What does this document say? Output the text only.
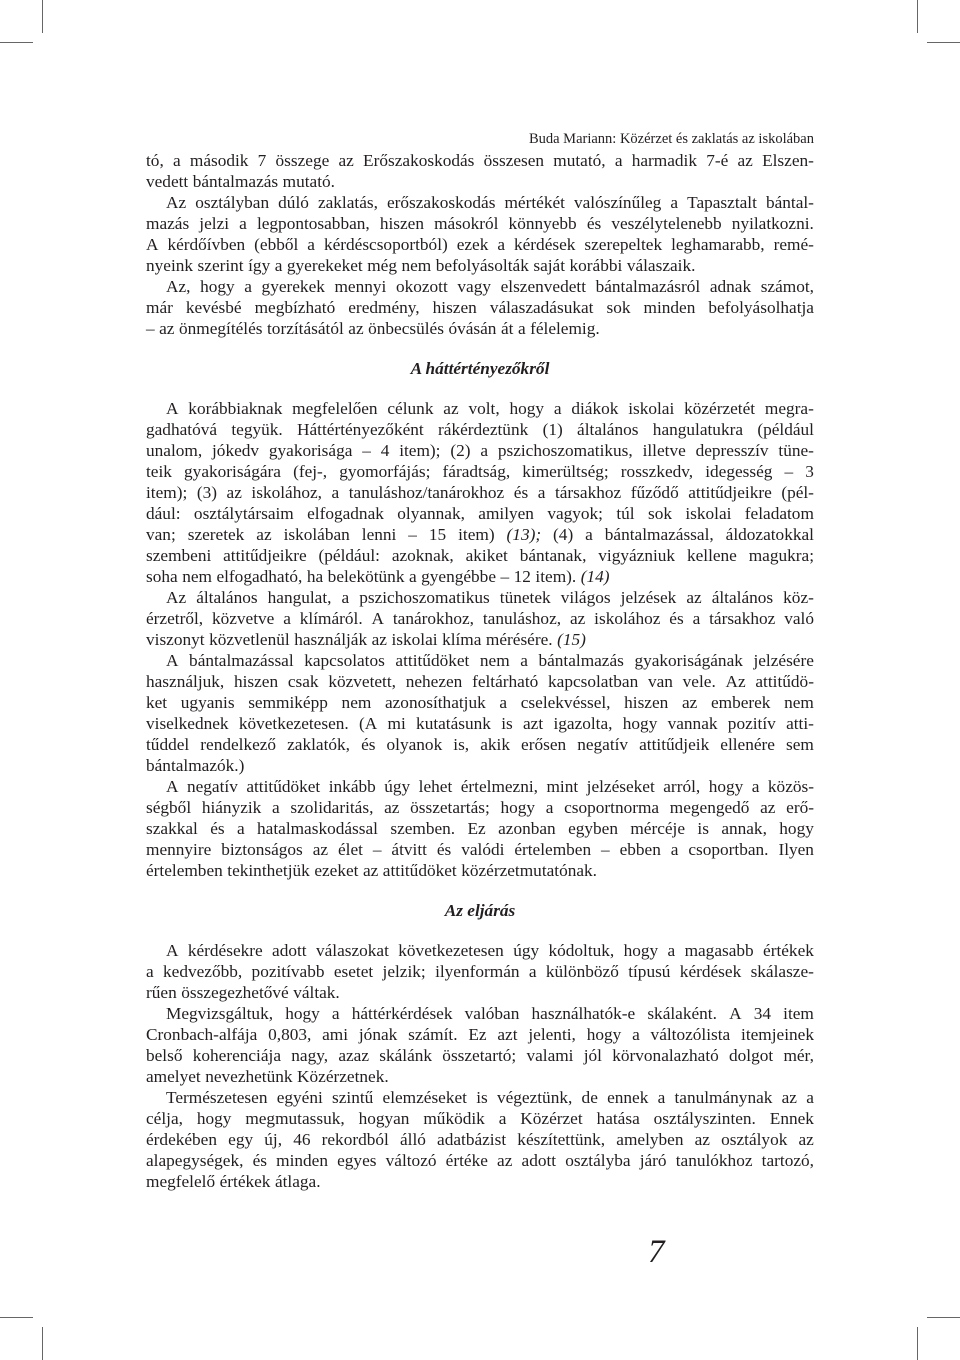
Buda Mariann: Közérzet és zaklatás az iskolában
tó, a második 7 összege az Erőszakoskodás összesen mutató, a harmadik 7-é az Elszen-
vedett bántalmazás mutató.
Az osztályban dúló zaklatás, erőszakoskodás mértékét valószínűleg a Tapasztalt bántal-
mazás jelzi a legpontosabban, hiszen másokról könnyebb és veszélytelenebb nyilatkozni.
A kérdőívben (ebből a kérdéscsoportból) ezek a kérdések szerepeltek leghamarabb, remé-
nyeink szerint így a gyerekeket még nem befolyásolták saját korábbi válaszaik.
Az, hogy a gyerekek mennyi okozott vagy elszenvedett bántalmazásról adnak számot,
már kevésbé megbízható eredmény, hiszen válaszadásukat sok minden befolyásolhatja
– az önmegítélés torzításától az önbecsülés óvásán át a félelemig.
A háttértényezőkről
A korábbiaknak megfelelően célunk az volt, hogy a diákok iskolai közérzetét megra-
gadhatóvá tegyük. Háttértényezőként rákérdeztünk (1) általános hangulatukra (például
unalom, jókedv gyakorisága – 4 item); (2) a pszichoszomatikus, illetve depresszív tüne-
teik gyakoriságára (fej-, gyomorfájás; fáradtság, kimerültség; rosszkedv, idegesség – 3
item); (3) az iskolához, a tanuláshoz/tanárokhoz és a társakhoz fűződő attitűdjeikre (pél-
dául: osztálytársaim elfogadnak olyannak, amilyen vagyok; túl sok iskolai feladatom
van; szeretek az iskolában lenni – 15 item) (13); (4) a bántalmazással, áldozatokkal
szembeni attitűdjeikre (például: azoknak, akiket bántanak, vigyázniuk kellene magukra;
soha nem elfogadható, ha belekötünk a gyengébbe – 12 item). (14)
Az általános hangulat, a pszichoszomatikus tünetek világos jelzések az általános köz-
érzetről, közvetve a klímáról. A tanárokhoz, tanuláshoz, az iskolához és a társakhoz való
viszonyt közvetlenül használják az iskolai klíma mérésére. (15)
A bántalmazással kapcsolatos attitűdöket nem a bántalmazás gyakoriságának jelzésére
használjuk, hiszen csak közvetett, nehezen feltárható kapcsolatban van vele. Az attitűdö-
ket ugyanis semmiképp nem azonosíthatjuk a cselekvéssel, hiszen az emberek nem
viselkednek következetesen. (A mi kutatásunk is azt igazolta, hogy vannak pozitív atti-
tűddel rendelkező zaklatók, és olyanok is, akik erősen negatív attitűdjeik ellenére sem
bántalmazók.)
A negatív attitűdöket inkább úgy lehet értelmezni, mint jelzéseket arról, hogy a közös-
ségből hiányzik a szolidaritás, az összetartás; hogy a csoportnorma megengedő az erő-
szakkal és a hatalmaskodással szemben. Ez azonban egyben mércéje is annak, hogy
mennyire biztonságos az élet – átvitt és valódi értelemben – ebben a csoportban. Ilyen
értelemben tekinthetjük ezeket az attitűdöket közérzetmutatónak.
Az eljárás
A kérdésekre adott válaszokat következetesen úgy kódoltuk, hogy a magasabb értékek
a kedvezőbb, pozitívabb esetet jelzik; ilyenformán a különböző típusú kérdések skálasze-
rűen összegezhetővé váltak.
Megvizsgáltuk, hogy a háttérkérdések valóban használhatók-e skálaként. A 34 item
Cronbach-alfája 0,803, ami jónak számít. Ez azt jelenti, hogy a változólista itemjeinek
belső koherenciája nagy, azaz skálánk összetartó; valami jól körvonalazható dolgot mér,
amelyet nevezhetünk Közérzetnek.
Természetesen egyéni szintű elemzéseket is végeztünk, de ennek a tanulmánynak az a
célja, hogy megmutassuk, hogyan működik a Közérzet hatása osztályszinten. Ennek
érdekében egy új, 46 rekordból álló adatbázist készítettünk, amelyben az osztályok az
alapegységek, és minden egyes változó értéke az adott osztályba járó tanulókhoz tartozó,
megfelelő értékek átlaga.
7
